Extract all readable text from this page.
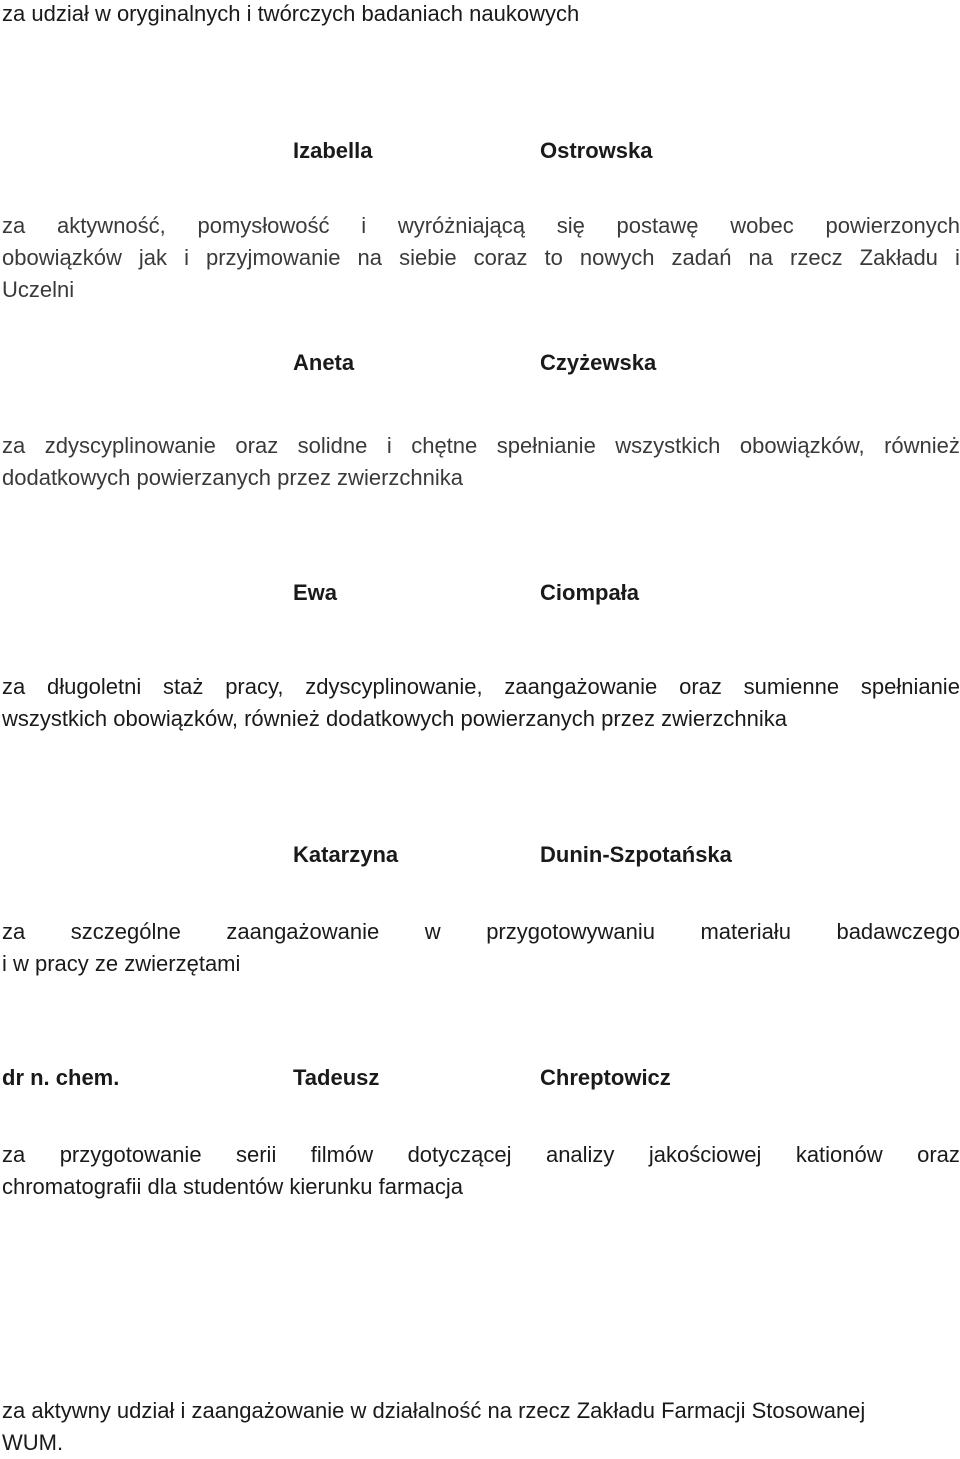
za udział w oryginalnych i twórczych badaniach naukowych
Izabella	Ostrowska
za aktywność, pomysłowość i wyróżniającą się postawę wobec powierzonych
obowiązków jak i przyjmowanie na siebie coraz to nowych zadań na rzecz Zakładu i
Uczelni
Aneta	Czyżewska
za zdyscyplinowanie oraz solidne i chętne spełnianie wszystkich obowiązków, również
dodatkowych powierzanych przez zwierzchnika
Ewa	Ciompała
za długoletni staż pracy, zdyscyplinowanie, zaangażowanie oraz sumienne spełnianie
wszystkich obowiązków, również dodatkowych powierzanych przez zwierzchnika
Katarzyna	Dunin-Szpotańska
za szczególne zaangażowanie w przygotowywaniu materiału badawczego
i w pracy ze zwierzętami
dr n. chem.	Tadeusz	Chreptowicz
za przygotowanie serii filmów dotyczącej analizy jakościowej kationów oraz
chromatografii dla studentów kierunku farmacja
za aktywny udział i zaangażowanie w działalność na rzecz Zakładu Farmacji Stosowanej
WUM.
